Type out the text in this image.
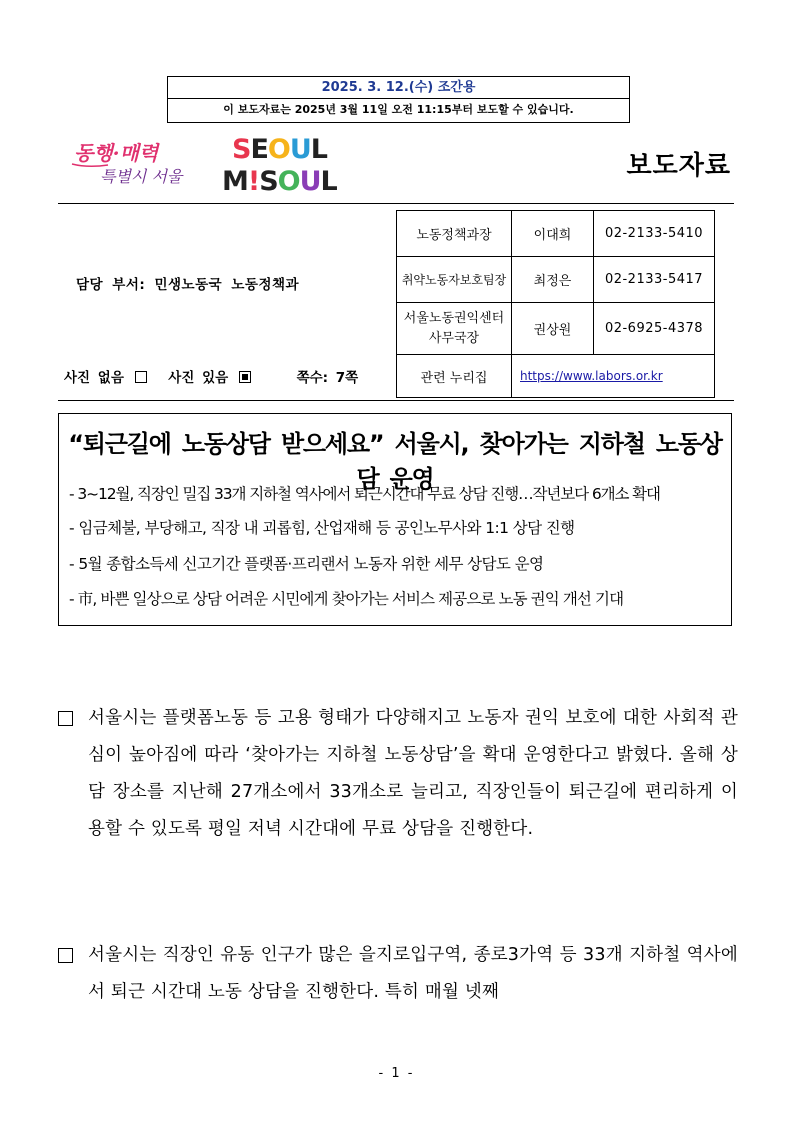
2025. 3. 12.(수) 조간용
이 보도자료는 2025년 3월 11일 오전 11:15부터 보도할 수 있습니다.
동행·매력
특별시 서울
SEOUL
M!SOUL	보도자료
담당 부서: 민생노동국 노동정책과
사진 없음	사진 있음	쪽수: 7쪽
노동정책과장	이대희	02-2133-5410
취약노동자보호팀장	최정은	02-2133-5417
서울노동권익센터 사무국장	권상원	02-6925-4378
관련 누리집	https://www.labors.or.kr	
“퇴근길에 노동상담 받으세요” 서울시, 찾아가는 지하철 노동상담 운영
- 3~12월, 직장인 밀집 33개 지하철 역사에서 퇴근시간대 무료 상담 진행…작년보다 6개소 확대
- 임금체불, 부당해고, 직장 내 괴롭힘, 산업재해 등 공인노무사와 1:1 상담 진행
- 5월 종합소득세 신고기간 플랫폼·프리랜서 노동자 위한 세무 상담도 운영
- 市, 바쁜 일상으로 상담 어려운 시민에게 찾아가는 서비스 제공으로 노동 권익 개선 기대
서울시는 플랫폼노동 등 고용 형태가 다양해지고 노동자 권익 보호에 대한 사회적 관심이 높아짐에 따라 ‘찾아가는 지하철 노동상담’을 확대 운영한다고 밝혔다. 올해 상담 장소를 지난해 27개소에서 33개소로 늘리고, 직장인들이 퇴근길에 편리하게 이용할 수 있도록 평일 저녁 시간대에 무료 상담을 진행한다.
서울시는 직장인 유동 인구가 많은 을지로입구역, 종로3가역 등 33개 지하철 역사에서 퇴근 시간대 노동 상담을 진행한다. 특히 매월 넷째
- 1 -
